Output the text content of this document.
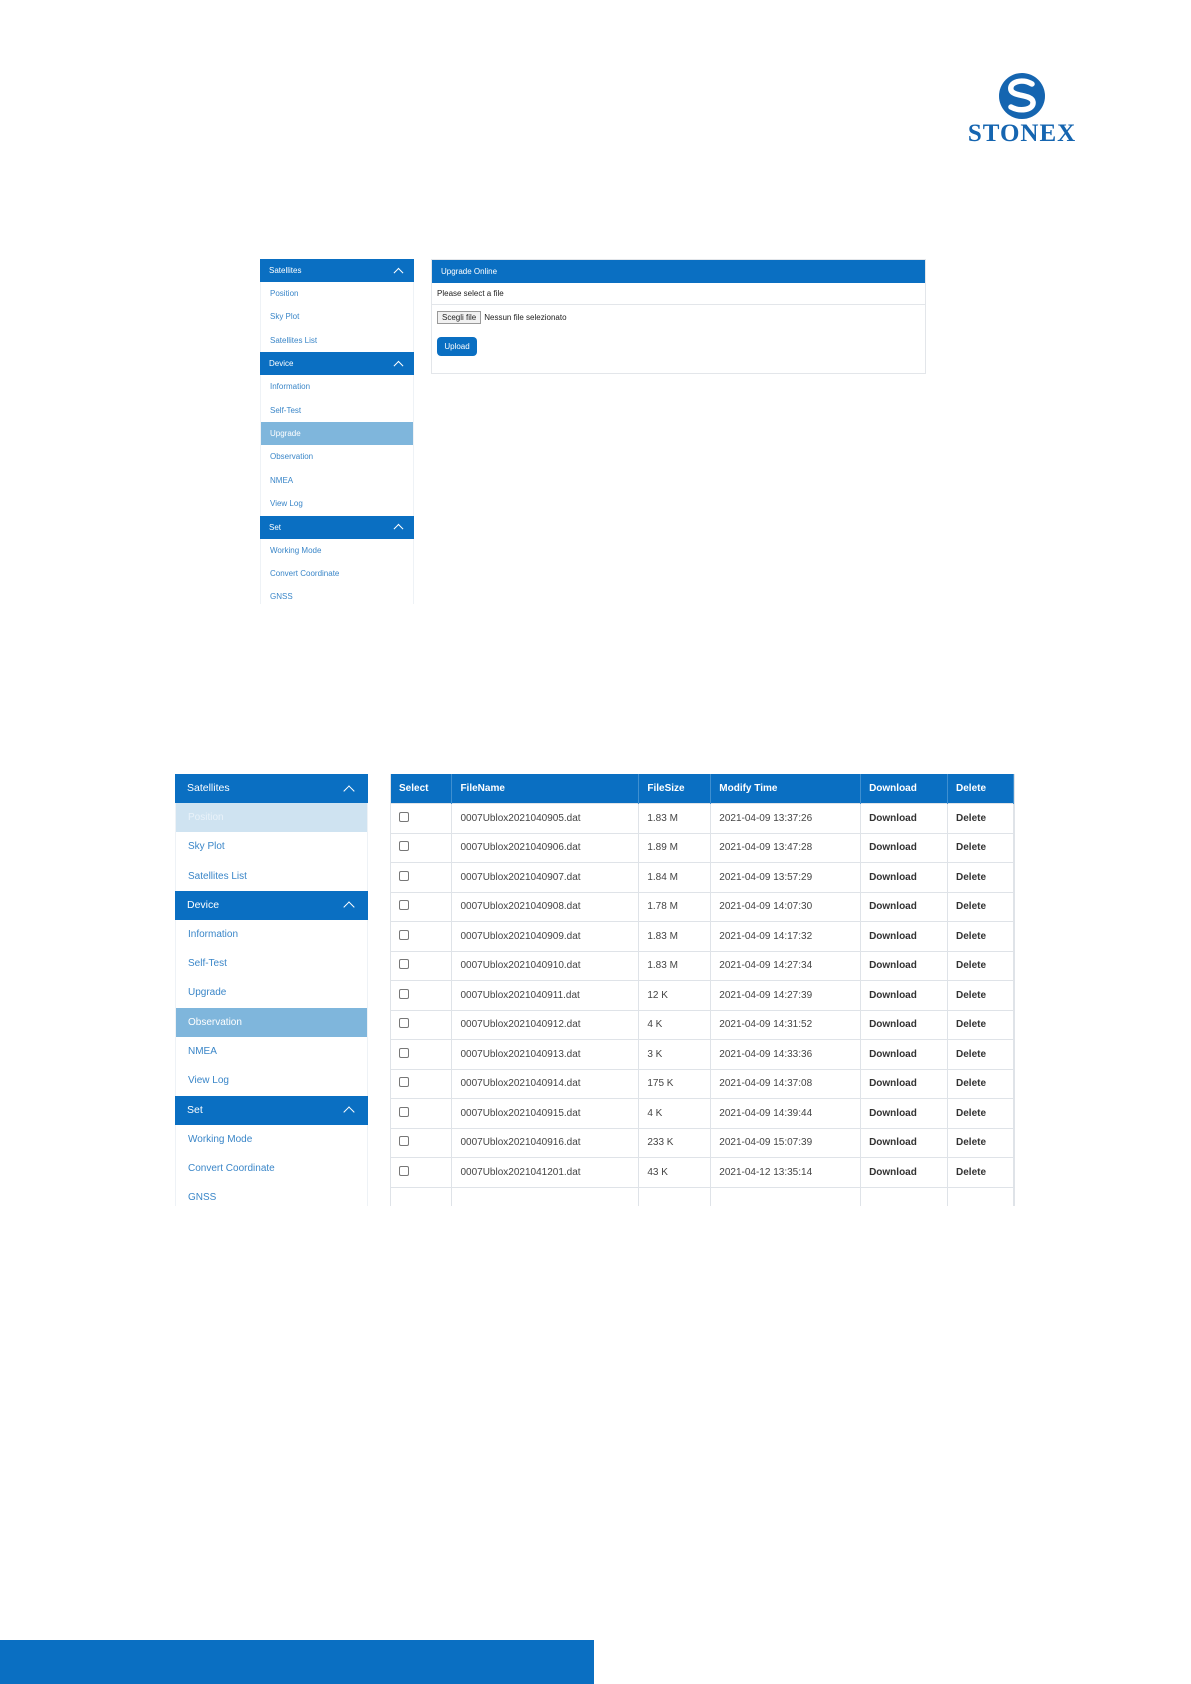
STONEX
Satellites
Position
Sky Plot
Satellites List
Device
Information
Self-Test
Upgrade
Observation
NMEA
View Log
Set
Working Mode
Convert Coordinate
GNSS
Upgrade Online
Please select a file
Scegli file Nessun file selezionato
Upload
Satellites
Position
Sky Plot
Satellites List
Device
Information
Self-Test
Upgrade
Observation
NMEA
View Log
Set
Working Mode
Convert Coordinate
GNSS
Select	FileName	FileSize	Modify Time	Download	Delete
	0007Ublox2021040905.dat	1.83 M	2021-04-09 13:37:26	Download	Delete
	0007Ublox2021040906.dat	1.89 M	2021-04-09 13:47:28	Download	Delete
	0007Ublox2021040907.dat	1.84 M	2021-04-09 13:57:29	Download	Delete
	0007Ublox2021040908.dat	1.78 M	2021-04-09 14:07:30	Download	Delete
	0007Ublox2021040909.dat	1.83 M	2021-04-09 14:17:32	Download	Delete
	0007Ublox2021040910.dat	1.83 M	2021-04-09 14:27:34	Download	Delete
	0007Ublox2021040911.dat	12 K	2021-04-09 14:27:39	Download	Delete
	0007Ublox2021040912.dat	4 K	2021-04-09 14:31:52	Download	Delete
	0007Ublox2021040913.dat	3 K	2021-04-09 14:33:36	Download	Delete
	0007Ublox2021040914.dat	175 K	2021-04-09 14:37:08	Download	Delete
	0007Ublox2021040915.dat	4 K	2021-04-09 14:39:44	Download	Delete
	0007Ublox2021040916.dat	233 K	2021-04-09 15:07:39	Download	Delete
	0007Ublox2021041201.dat	43 K	2021-04-12 13:35:14	Download	Delete
